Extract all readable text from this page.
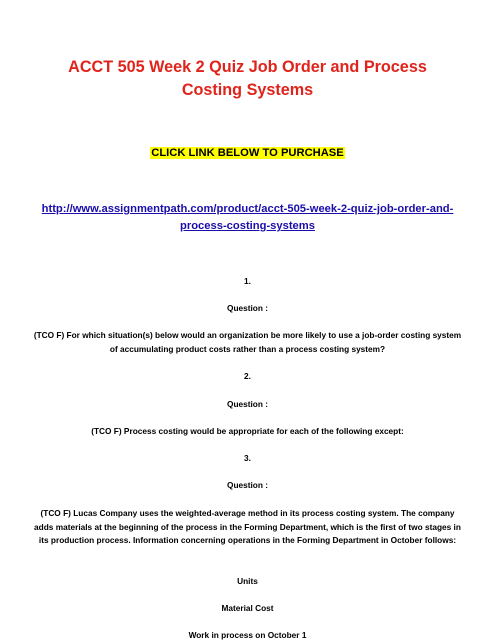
ACCT 505 Week 2 Quiz Job Order and Process Costing Systems

CLICK LINK BELOW TO PURCHASE

http://www.assignmentpath.com/product/acct-505-week-2-quiz-job-order-and-process-costing-systems

1.

Question :

(TCO F) For which situation(s) below would an organization be more likely to use a job-order costing system of accumulating product costs rather than a process costing system?

2.

Question :

(TCO F) Process costing would be appropriate for each of the following except:

3.

Question :

(TCO F) Lucas Company uses the weighted-average method in its process costing system. The company adds materials at the beginning of the process in the Forming Department, which is the first of two stages in its production process. Information concerning operations in the Forming Department in October follows:

Units

Material Cost

Work in process on October 1
